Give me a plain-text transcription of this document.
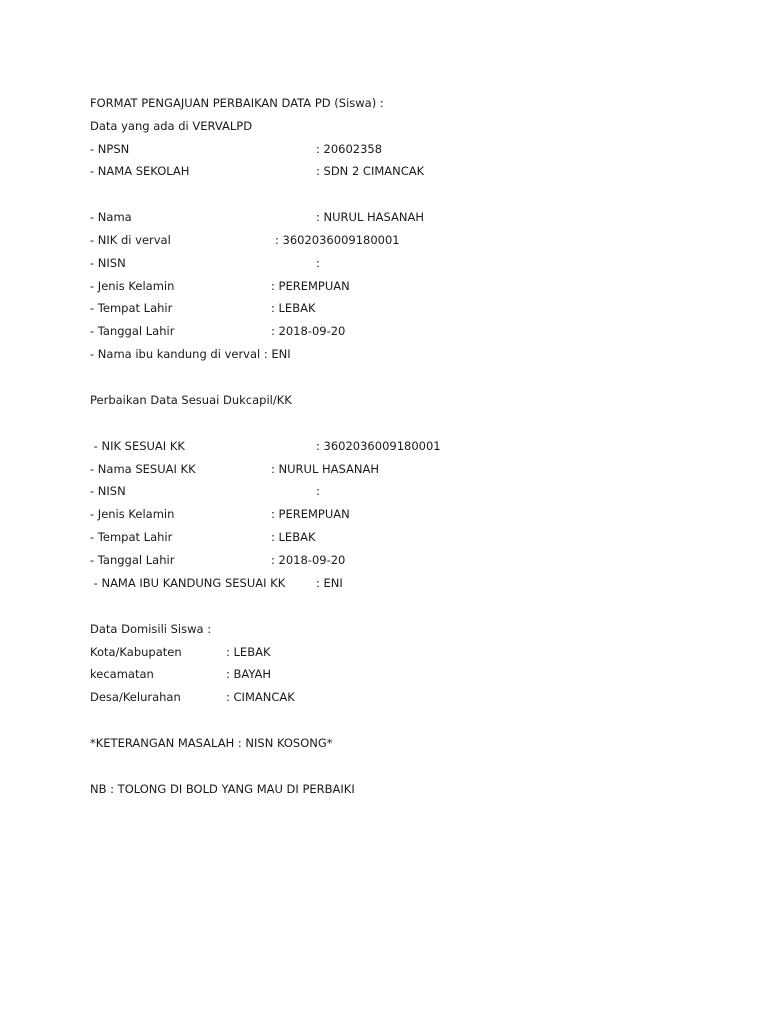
FORMAT PENGAJUAN PERBAIKAN DATA PD (Siswa) :
Data yang ada di VERVALPD
- NPSN	: 20602358
- NAMA SEKOLAH	: SDN 2 CIMANCAK
- Nama	: NURUL HASANAH
- NIK di verval	: 3602036009180001
- NISN	:
- Jenis Kelamin	: PEREMPUAN
- Tempat Lahir	: LEBAK
- Tanggal Lahir	: 2018-09-20
- Nama ibu kandung di verval : ENI
Perbaikan Data Sesuai Dukcapil/KK
- NIK SESUAI KK	: 3602036009180001
- Nama SESUAI KK	: NURUL HASANAH
- NISN	:
- Jenis Kelamin	: PEREMPUAN
- Tempat Lahir	: LEBAK
- Tanggal Lahir	: 2018-09-20
- NAMA IBU KANDUNG SESUAI KK	: ENI
Data Domisili Siswa :
Kota/Kabupaten	: LEBAK
kecamatan	: BAYAH
Desa/Kelurahan	: CIMANCAK
*KETERANGAN MASALAH : NISN KOSONG*
NB : TOLONG DI BOLD YANG MAU DI PERBAIKI
